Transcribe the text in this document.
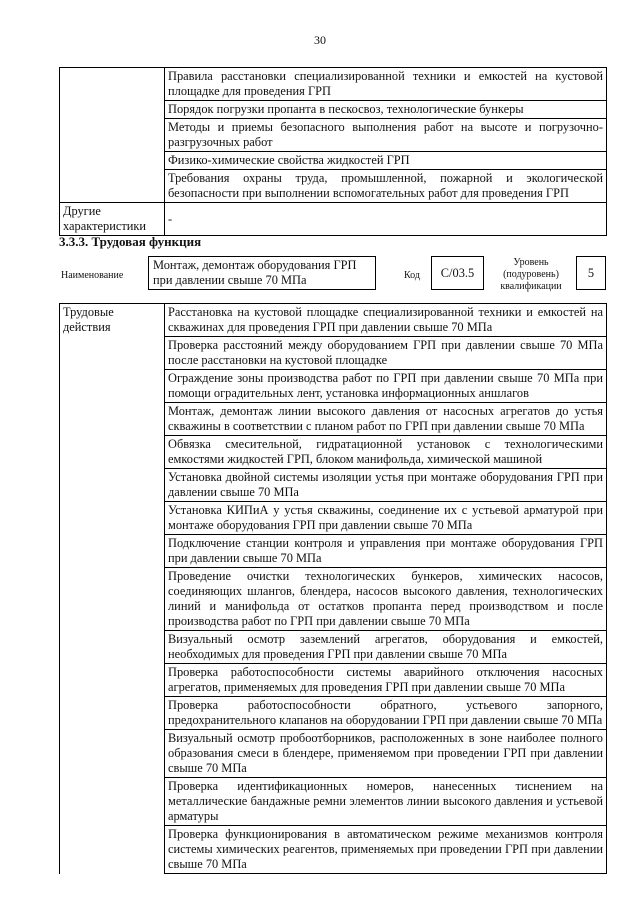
30
	Правила расстановки специализированной техники и емкостей на кустовой площадке для проведения ГРП
	Порядок погрузки пропанта в пескосвоз, технологические бункеры
	Методы и приемы безопасного выполнения работ на высоте и погрузочно-разгрузочных работ
	Физико-химические свойства жидкостей ГРП
	Требования охраны труда, промышленной, пожарной и экологической безопасности при выполнении вспомогательных работ для проведения ГРП
Другие характеристики	-
3.3.3. Трудовая функция
Наименование
Монтаж, демонтаж оборудования ГРП при давлении свыше 70 МПа	Код	С/03.5
Уровень (подуровень) квалификации
5
Трудовые действия	Расстановка на кустовой площадке специализированной техники и емкостей на скважинах для проведения ГРП при давлении свыше 70 МПа
Проверка расстояний между оборудованием ГРП при давлении свыше 70 МПа после расстановки на кустовой площадке
Ограждение зоны производства работ по ГРП при давлении свыше 70 МПа при помощи оградительных лент, установка информационных аншлагов
Монтаж, демонтаж линии высокого давления от насосных агрегатов до устья скважины в соответствии с планом работ по ГРП при давлении свыше 70 МПа
Обвязка смесительной, гидратационной установок с технологическими емкостями жидкостей ГРП, блоком манифольда, химической машиной
Установка двойной системы изоляции устья при монтаже оборудования ГРП при давлении свыше 70 МПа
Установка КИПиА у устья скважины, соединение их с устьевой арматурой при монтаже оборудования ГРП при давлении свыше 70 МПа
Подключение станции контроля и управления при монтаже оборудования ГРП при давлении свыше 70 МПа
Проведение очистки технологических бункеров, химических насосов, соединяющих шлангов, блендера, насосов высокого давления, технологических линий и манифольда от остатков пропанта перед производством и после производства работ по ГРП при давлении свыше 70 МПа
Визуальный осмотр заземлений агрегатов, оборудования и емкостей, необходимых для проведения ГРП при давлении свыше 70 МПа
Проверка работоспособности системы аварийного отключения насосных агрегатов, применяемых для проведения ГРП при давлении свыше 70 МПа
Проверка работоспособности обратного, устьевого запорного, предохранительного клапанов на оборудовании ГРП при давлении свыше 70 МПа
Визуальный осмотр пробоотборников, расположенных в зоне наиболее полного образования смеси в блендере, применяемом при проведении ГРП при давлении свыше 70 МПа
Проверка идентификационных номеров, нанесенных тиснением на металлические бандажные ремни элементов линии высокого давления и устьевой арматуры
Проверка функционирования в автоматическом режиме механизмов контроля системы химических реагентов, применяемых при проведении ГРП при давлении свыше 70 МПа
